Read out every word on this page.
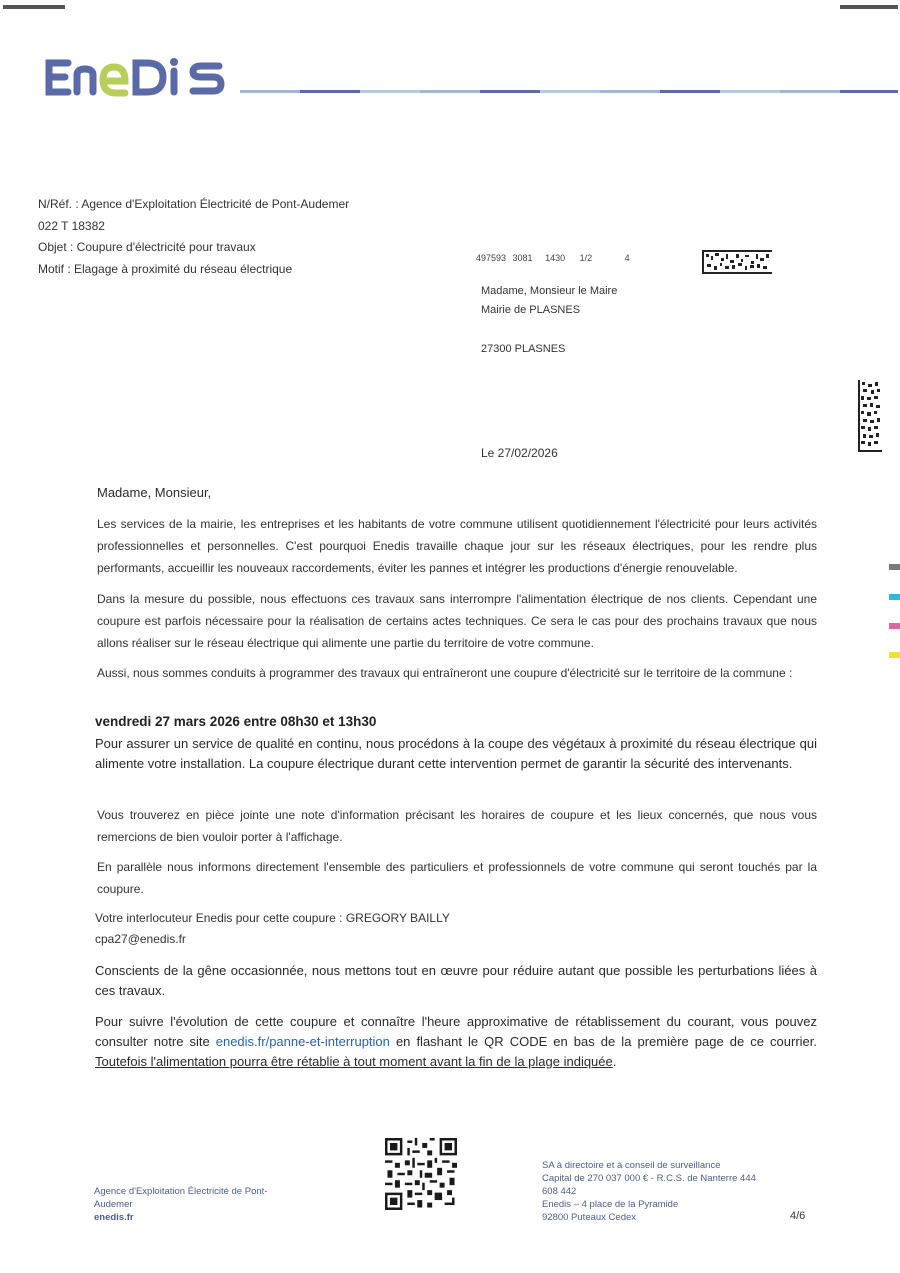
N/Réf. : Agence d'Exploitation Électricité de Pont-Audemer
022 T 18382
Objet : Coupure d'électricité pour travaux
Motif : Elagage à proximité du réseau électrique
497593 3081 1430 1/2	4
Madame, Monsieur le Maire
Mairie de PLASNES
27300 PLASNES
Le 27/02/2026
Madame, Monsieur,

Les services de la mairie, les entreprises et les habitants de votre commune utilisent quotidiennement l'électricité pour leurs activités professionnelles et personnelles. C'est pourquoi Enedis travaille chaque jour sur les réseaux électriques, pour les rendre plus performants, accueillir les nouveaux raccordements, éviter les pannes et intégrer les productions d'énergie renouvelable.

Dans la mesure du possible, nous effectuons ces travaux sans interrompre l'alimentation électrique de nos clients. Cependant une coupure est parfois nécessaire pour la réalisation de certains actes techniques. Ce sera le cas pour des prochains travaux que nous allons réaliser sur le réseau électrique qui alimente une partie du territoire de votre commune.

Aussi, nous sommes conduits à programmer des travaux qui entraîneront une coupure d'électricité sur le territoire de la commune :

vendredi 27 mars 2026 entre 08h30 et 13h30

Pour assurer un service de qualité en continu, nous procédons à la coupe des végétaux à proximité du réseau électrique qui alimente votre installation. La coupure électrique durant cette intervention permet de garantir la sécurité des intervenants.

Vous trouverez en pièce jointe une note d'information précisant les horaires de coupure et les lieux concernés, que nous vous remercions de bien vouloir porter à l'affichage.

En parallèle nous informons directement l'ensemble des particuliers et professionnels de votre commune qui seront touchés par la coupure.

Votre interlocuteur Enedis pour cette coupure : GREGORY BAILLY
cpa27@enedis.fr

Conscients de la gêne occasionnée, nous mettons tout en œuvre pour réduire autant que possible les perturbations liées à ces travaux.

Pour suivre l'évolution de cette coupure et connaître l'heure approximative de rétablissement du courant, vous pouvez consulter notre site enedis.fr/panne-et-interruption en flashant le QR CODE en bas de la première page de ce courrier. Toutefois l'alimentation pourra être rétablie à tout moment avant la fin de la plage indiquée.

Agence d'Exploitation Électricité de Pont-
Audemer
enedis.fr
SA à directoire et à conseil de surveillance
Capital de 270 037 000 € - R.C.S. de Nanterre 444
608 442
Enedis – 4 place de la Pyramide
92800 Puteaux Cedex	4/6
